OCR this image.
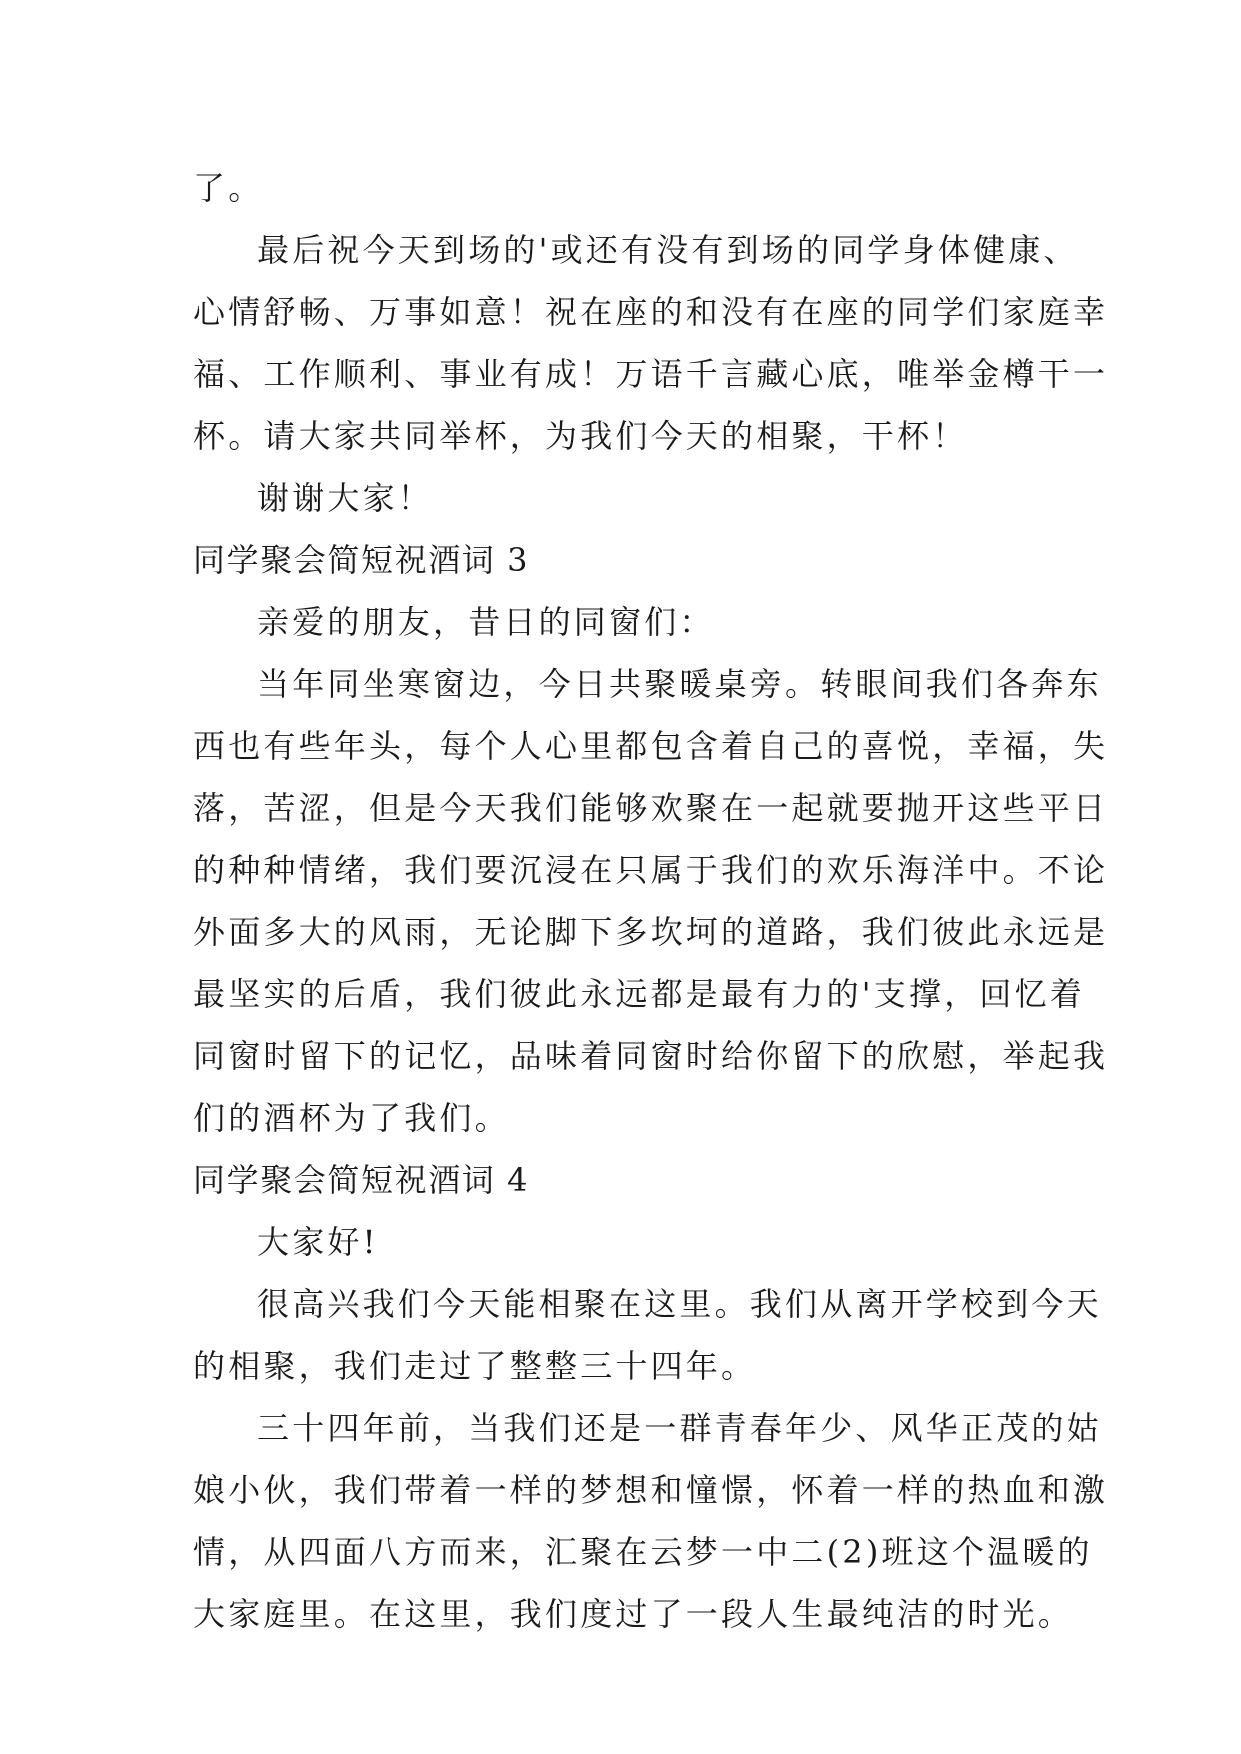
了。
最后祝今天到场的'或还有没有到场的同学身体健康、
心情舒畅、万事如意！祝在座的和没有在座的同学们家庭幸
福、工作顺利、事业有成！万语千言藏心底，唯举金樽干一
杯。请大家共同举杯，为我们今天的相聚，干杯！
谢谢大家！
同学聚会简短祝酒词 3
亲爱的朋友，昔日的同窗们：
当年同坐寒窗边，今日共聚暖桌旁。转眼间我们各奔东
西也有些年头，每个人心里都包含着自己的喜悦，幸福，失
落，苦涩，但是今天我们能够欢聚在一起就要抛开这些平日
的种种情绪，我们要沉浸在只属于我们的欢乐海洋中。不论
外面多大的风雨，无论脚下多坎坷的道路，我们彼此永远是
最坚实的后盾，我们彼此永远都是最有力的'支撑，回忆着
同窗时留下的记忆，品味着同窗时给你留下的欣慰，举起我
们的酒杯为了我们。
同学聚会简短祝酒词 4
大家好!
很高兴我们今天能相聚在这里。我们从离开学校到今天
的相聚，我们走过了整整三十四年。
三十四年前，当我们还是一群青春年少、风华正茂的姑
娘小伙，我们带着一样的梦想和憧憬，怀着一样的热血和激
情，从四面八方而来，汇聚在云梦一中二(2)班这个温暖的
大家庭里。在这里，我们度过了一段人生最纯洁的时光。
